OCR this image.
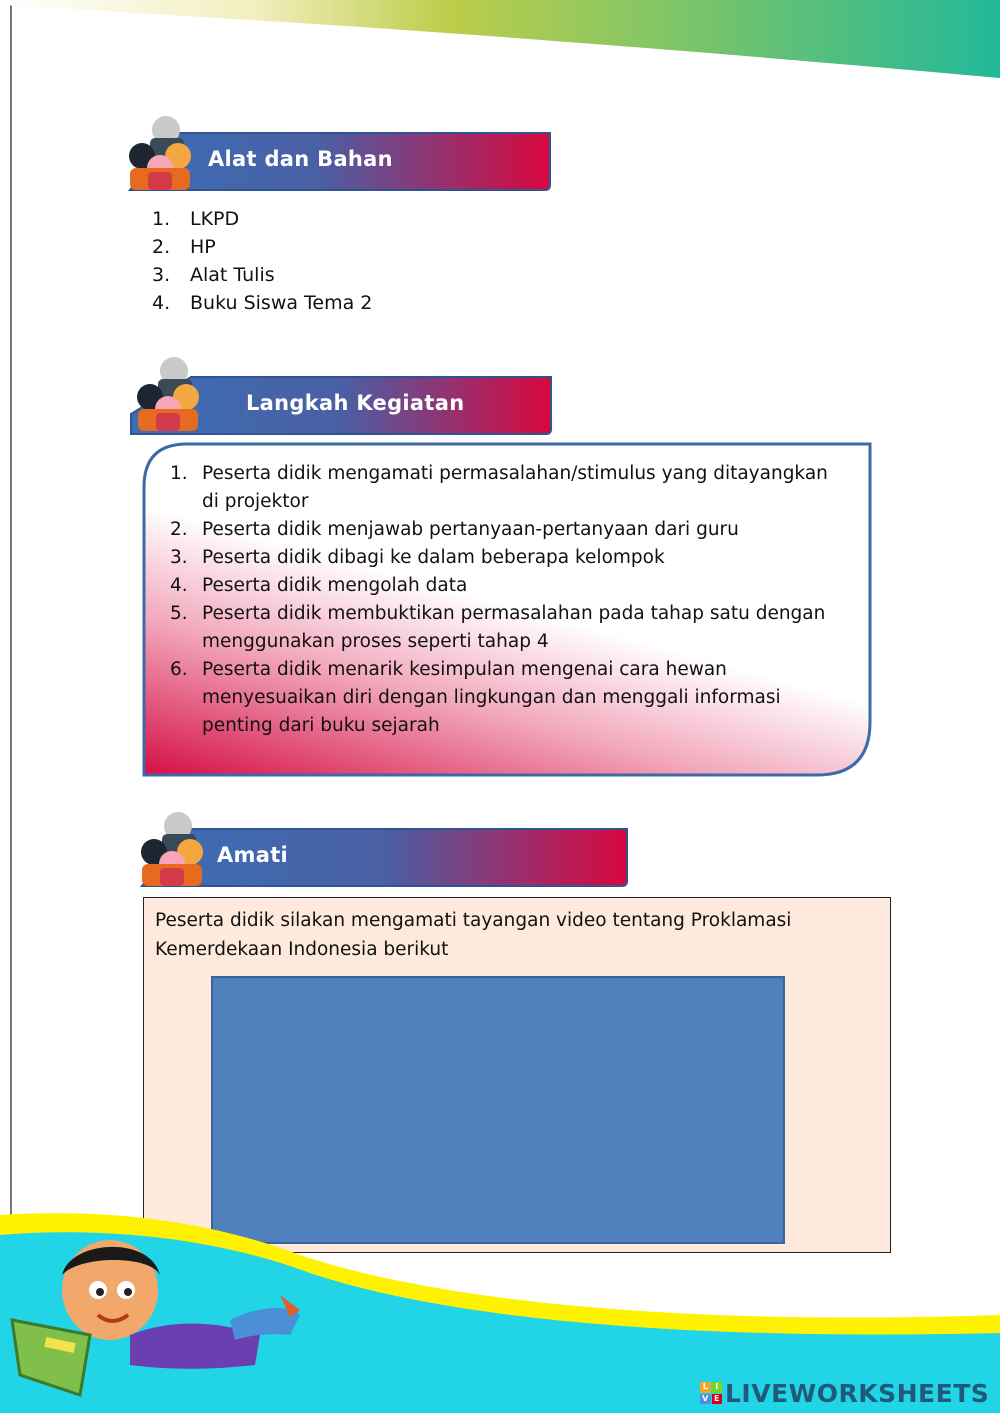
Alat dan Bahan
1.	LKPD
2.	HP
3.	Alat Tulis
4.	Buku Siswa Tema 2
Langkah Kegiatan
1. Peserta didik mengamati permasalahan/stimulus yang ditayangkan di projektor
2. Peserta didik menjawab pertanyaan-pertanyaan dari guru
3. Peserta didik dibagi ke dalam beberapa kelompok
4. Peserta didik mengolah data
5. Peserta didik membuktikan permasalahan pada tahap satu dengan menggunakan proses seperti tahap 4
6. Peserta didik menarik kesimpulan mengenai cara hewan menyesuaikan diri dengan lingkungan dan menggali informasi penting dari buku sejarah
Amati
Peserta didik silakan mengamati tayangan video tentang Proklamasi Kemerdekaan Indonesia berikut
L I
V E LIVEWORKSHEETS
